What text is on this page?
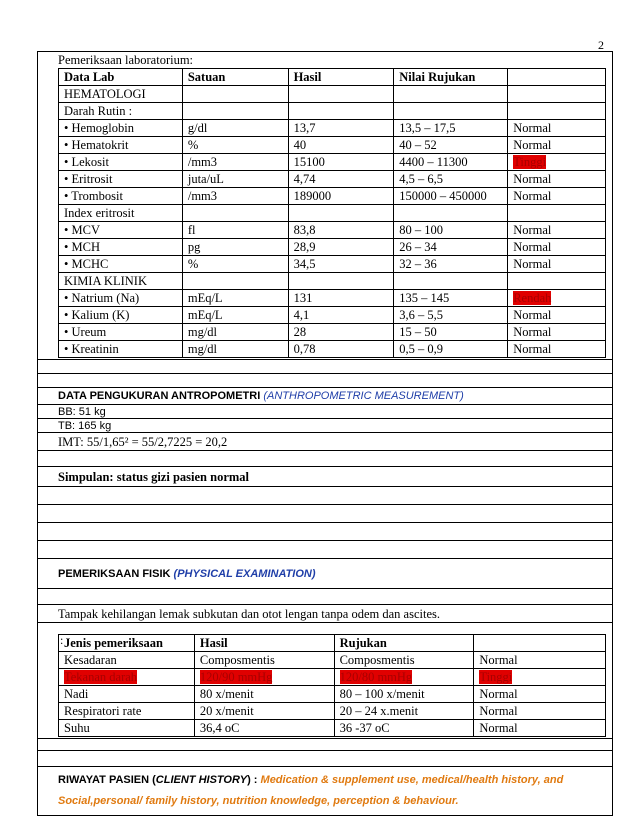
2
Pemeriksaan laboratorium:
Data Lab	Satuan	Hasil	Nilai Rujukan	
HEMATOLOGI				
Darah Rutin :				
• Hemoglobin	g/dl	13,7	13,5 – 17,5	Normal
• Hematokrit	%	40	40 – 52	Normal
• Lekosit	/mm3	15100	4400 – 11300	Tinggi
• Eritrosit	juta/uL	4,74	4,5 – 6,5	Normal
• Trombosit	/mm3	189000	150000 – 450000	Normal
Index eritrosit				
• MCV	fl	83,8	80 – 100	Normal
• MCH	pg	28,9	26 – 34	Normal
• MCHC	%	34,5	32 – 36	Normal
KIMIA KLINIK				
• Natrium (Na)	mEq/L	131	135 – 145	Rendah
• Kalium (K)	mEq/L	4,1	3,6 – 5,5	Normal
• Ureum	mg/dl	28	15 – 50	Normal
• Kreatinin	mg/dl	0,78	0,5 – 0,9	Normal
DATA PENGUKURAN ANTROPOMETRI (ANTHROPOMETRIC MEASUREMENT)
BB: 51 kg
TB: 165 kg
IMT: 55/1,65² = 55/2,7225 = 20,2
Simpulan: status gizi pasien normal
PEMERIKSAAN FISIK (PHYSICAL EXAMINATION)
Tampak kehilangan lemak subkutan dan otot lengan tanpa odem dan ascites.
: Jenis pemeriksaan	Hasil	Rujukan	
Kesadaran	Composmentis	Composmentis	Normal
Tekanan darah	120/90 mmHg	120/80 mmHg	Tinggi
Nadi	80 x/menit	80 – 100 x/menit	Normal
Respiratori rate	20 x/menit	20 – 24 x.menit	Normal
Suhu	36,4 oC	36 -37 oC	Normal
RIWAYAT PASIEN (CLIENT HISTORY) : Medication & supplement use, medical/health history, and
Social,personal/ family history, nutrition knowledge, perception & behaviour.
